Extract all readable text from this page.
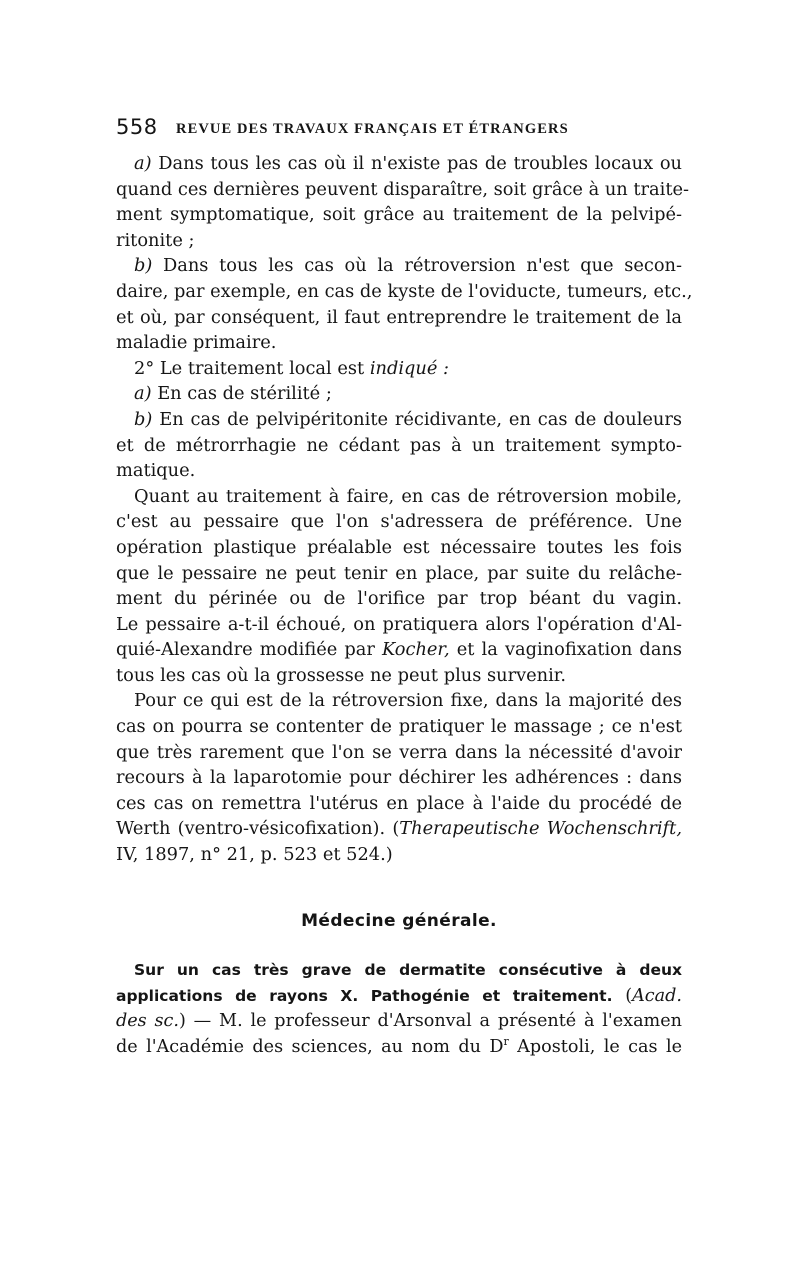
558 REVUE DES TRAVAUX FRANÇAIS ET ÉTRANGERS
a) Dans tous les cas où il n'existe pas de troubles locaux ou
quand ces dernières peuvent disparaître, soit grâce à un traite-
ment symptomatique, soit grâce au traitement de la pelvipé-
ritonite ;
b) Dans tous les cas où la rétroversion n'est que secon-
daire, par exemple, en cas de kyste de l'oviducte, tumeurs, etc.,
et où, par conséquent, il faut entreprendre le traitement de la
maladie primaire.
2° Le traitement local est indiqué :
a) En cas de stérilité ;
b) En cas de pelvipéritonite récidivante, en cas de douleurs
et de métrorrhagie ne cédant pas à un traitement sympto-
matique.
Quant au traitement à faire, en cas de rétroversion mobile,
c'est au pessaire que l'on s'adressera de préférence. Une
opération plastique préalable est nécessaire toutes les fois
que le pessaire ne peut tenir en place, par suite du relâche-
ment du périnée ou de l'orifice par trop béant du vagin.
Le pessaire a-t-il échoué, on pratiquera alors l'opération d'Al-
quié-Alexandre modifiée par Kocher, et la vaginofixation dans
tous les cas où la grossesse ne peut plus survenir.
Pour ce qui est de la rétroversion fixe, dans la majorité des
cas on pourra se contenter de pratiquer le massage ; ce n'est
que très rarement que l'on se verra dans la nécessité d'avoir
recours à la laparotomie pour déchirer les adhérences : dans
ces cas on remettra l'utérus en place à l'aide du procédé de
Werth (ventro-vésicofixation). (Therapeutische Wochenschrift,
IV, 1897, n° 21, p. 523 et 524.)
Médecine générale.
Sur un cas très grave de dermatite consécutive à deux
applications de rayons X. Pathogénie et traitement. (Acad.
des sc.) — M. le professeur d'Arsonval a présenté à l'examen
de l'Académie des sciences, au nom du $D^r$ Apostoli, le cas le
